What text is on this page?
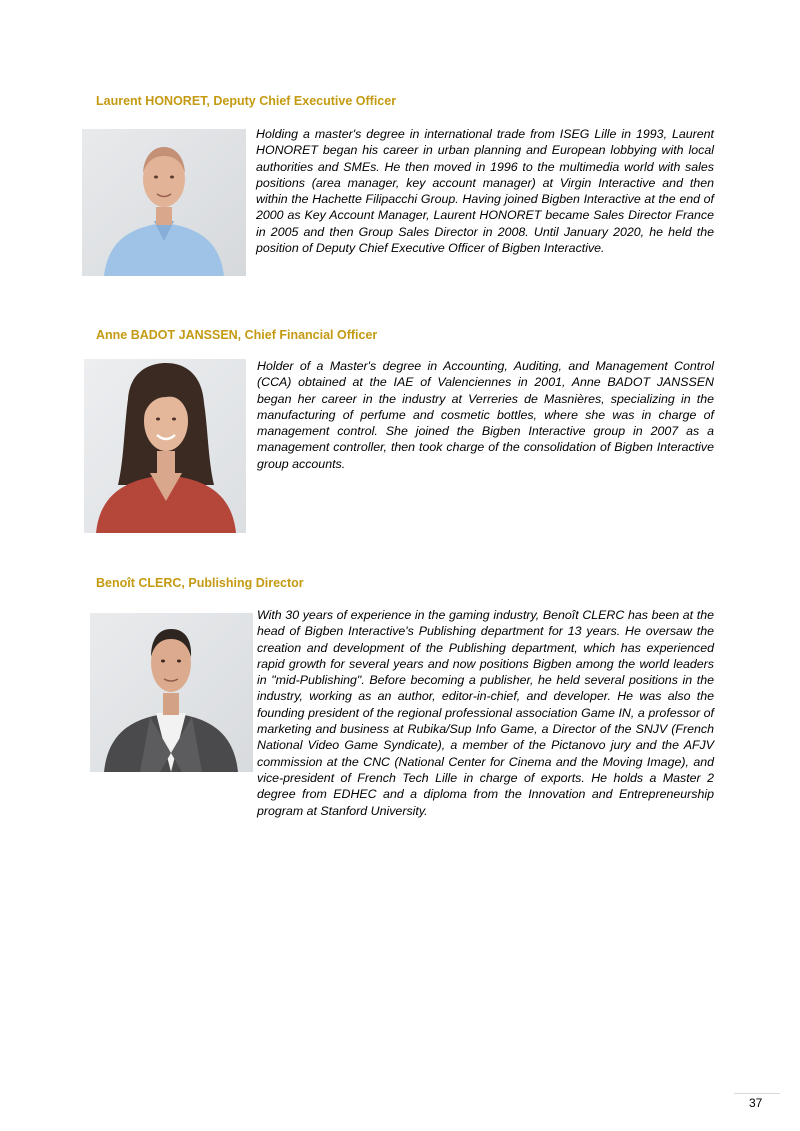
Laurent HONORET, Deputy Chief Executive Officer

Holding a master's degree in international trade from ISEG Lille in 1993, Laurent HONORET began his career in urban planning and European lobbying with local authorities and SMEs. He then moved in 1996 to the multimedia world with sales positions (area manager, key account manager) at Virgin Interactive and then within the Hachette Filipacchi Group. Having joined Bigben Interactive at the end of 2000 as Key Account Manager, Laurent HONORET became Sales Director France in 2005 and then Group Sales Director in 2008. Until January 2020, he held the position of Deputy Chief Executive Officer of Bigben Interactive.

Anne BADOT JANSSEN, Chief Financial Officer

Holder of a Master's degree in Accounting, Auditing, and Management Control (CCA) obtained at the IAE of Valenciennes in 2001, Anne BADOT JANSSEN began her career in the industry at Verreries de Masnières, specializing in the manufacturing of perfume and cosmetic bottles, where she was in charge of management control. She joined the Bigben Interactive group in 2007 as a management controller, then took charge of the consolidation of Bigben Interactive group accounts.

Benoît CLERC, Publishing Director

With 30 years of experience in the gaming industry, Benoît CLERC has been at the head of Bigben Interactive's Publishing department for 13 years. He oversaw the creation and development of the Publishing department, which has experienced rapid growth for several years and now positions Bigben among the world leaders in "mid-Publishing". Before becoming a publisher, he held several positions in the industry, working as an author, editor-in-chief, and developer. He was also the founding president of the regional professional association Game IN, a professor of marketing and business at Rubika/Sup Info Game, a Director of the SNJV (French National Video Game Syndicate), a member of the Pictanovo jury and the AFJV commission at the CNC (National Center for Cinema and the Moving Image), and vice-president of French Tech Lille in charge of exports. He holds a Master 2 degree from EDHEC and a diploma from the Innovation and Entrepreneurship program at Stanford University.

37
